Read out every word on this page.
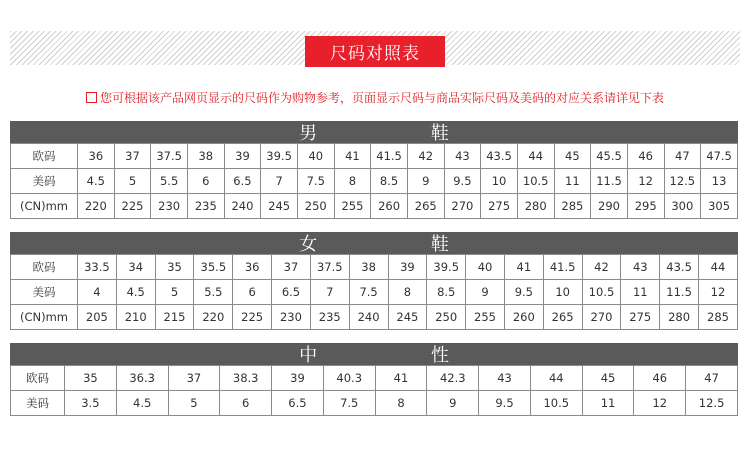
尺码对照表
您可根据该产品网页显示的尺码作为购物参考，页面显示尺码与商品实际尺码及美码的对应关系请详见下表
男 鞋
欧码	36	37	37.5	38	39	39.5	40	41	41.5	42	43	43.5	44	45	45.5	46	47	47.5
美码	4.5	5	5.5	6	6.5	7	7.5	8	8.5	9	9.5	10	10.5	11	11.5	12	12.5	13
(CN)mm	220	225	230	235	240	245	250	255	260	265	270	275	280	285	290	295	300	305
女 鞋
欧码	33.5	34	35	35.5	36	37	37.5	38	39	39.5	40	41	41.5	42	43	43.5	44
美码	4	4.5	5	5.5	6	6.5	7	7.5	8	8.5	9	9.5	10	10.5	11	11.5	12
(CN)mm	205	210	215	220	225	230	235	240	245	250	255	260	265	270	275	280	285
中 性
欧码	35	36.3	37	38.3	39	40.3	41	42.3	43	44	45	46	47
美码	3.5	4.5	5	6	6.5	7.5	8	9	9.5	10.5	11	12	12.5
